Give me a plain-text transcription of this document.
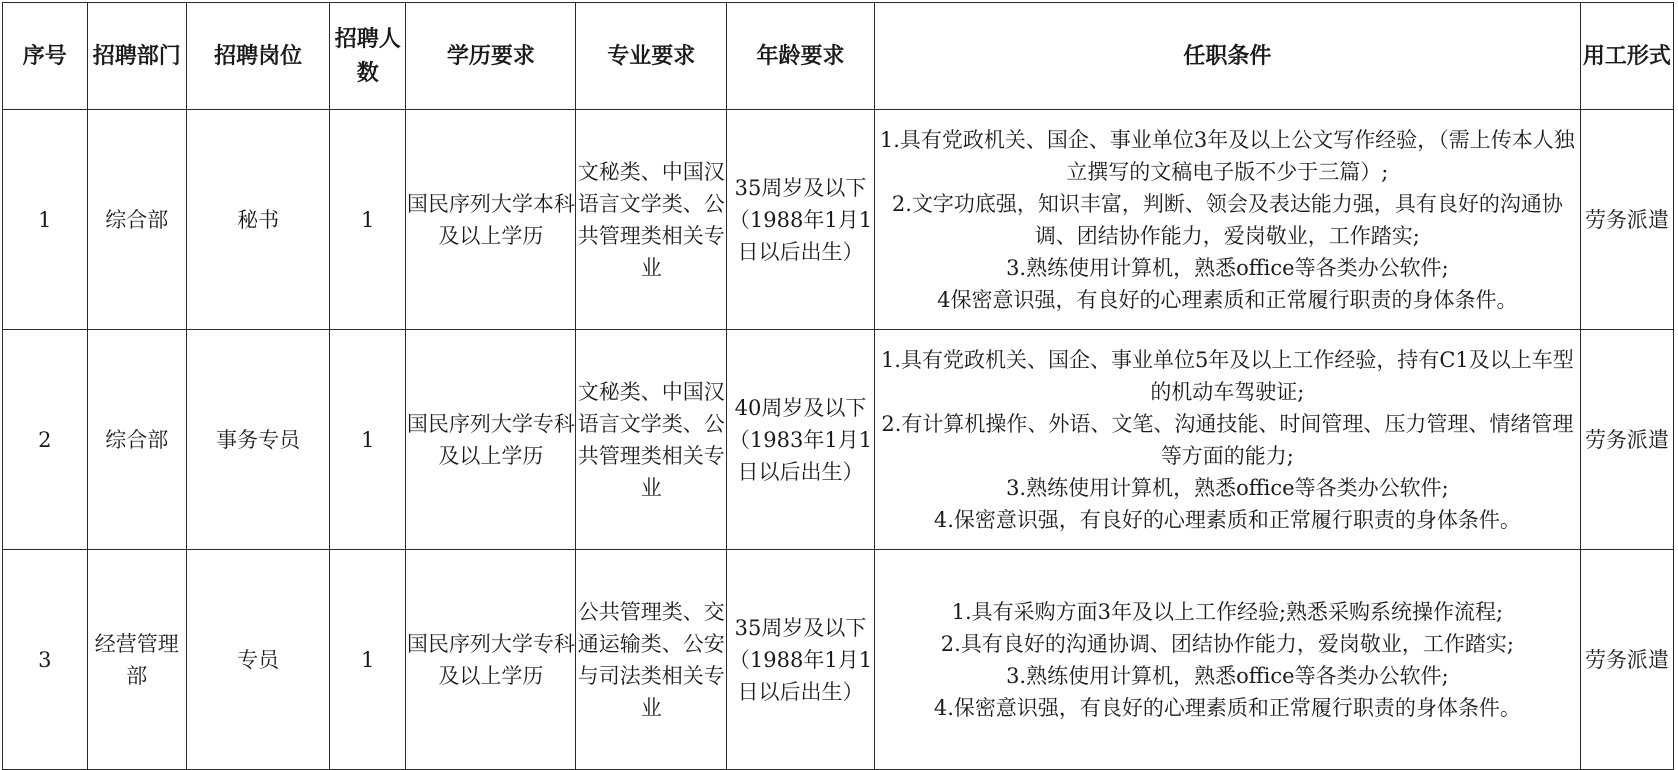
序号	招聘部门	招聘岗位	招聘人数	学历要求	专业要求	年龄要求	任职条件	用工形式
1	综合部	秘书	1	国民序列大学本科及以上学历	文秘类、中国汉语言文学类、公共管理类相关专业	35周岁及以下（1988年1月1日以后出生）	1.具有党政机关、国企、事业单位3年及以上公文写作经验，（需上传本人独立撰写的文稿电子版不少于三篇）;
2.文字功底强，知识丰富，判断、领会及表达能力强，具有良好的沟通协调、团结协作能力，爱岗敬业，工作踏实;
3.熟练使用计算机，熟悉office等各类办公软件;
4保密意识强，有良好的心理素质和正常履行职责的身体条件。	劳务派遣
2	综合部	事务专员	1	国民序列大学专科及以上学历	文秘类、中国汉语言文学类、公共管理类相关专业	40周岁及以下（1983年1月1日以后出生）	1.具有党政机关、国企、事业单位5年及以上工作经验，持有C1及以上车型的机动车驾驶证;
2.有计算机操作、外语、文笔、沟通技能、时间管理、压力管理、情绪管理等方面的能力;
3.熟练使用计算机，熟悉office等各类办公软件;
4.保密意识强，有良好的心理素质和正常履行职责的身体条件。	劳务派遣
3	经营管理部	专员	1	国民序列大学专科及以上学历	公共管理类、交通运输类、公安与司法类相关专业	35周岁及以下（1988年1月1日以后出生）	1.具有采购方面3年及以上工作经验;熟悉采购系统操作流程;
2.具有良好的沟通协调、团结协作能力，爱岗敬业，工作踏实;
3.熟练使用计算机，熟悉office等各类办公软件;
4.保密意识强，有良好的心理素质和正常履行职责的身体条件。	劳务派遣
